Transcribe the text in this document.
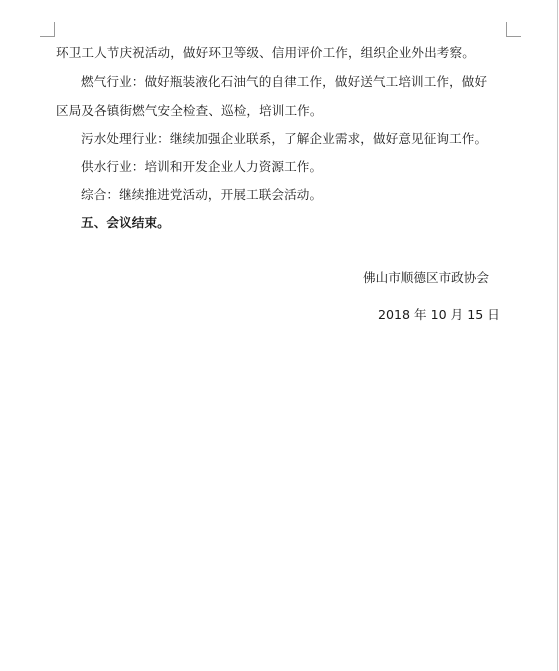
环卫工人节庆祝活动，做好环卫等级、信用评价工作，组织企业外出考察。
燃气行业：做好瓶装液化石油气的自律工作，做好送气工培训工作，做好
区局及各镇街燃气安全检查、巡检，培训工作。
污水处理行业：继续加强企业联系，了解企业需求，做好意见征询工作。
供水行业：培训和开发企业人力资源工作。
综合：继续推进党活动，开展工联会活动。
五、会议结束。
佛山市顺德区市政协会
2018 年 10 月 15 日
